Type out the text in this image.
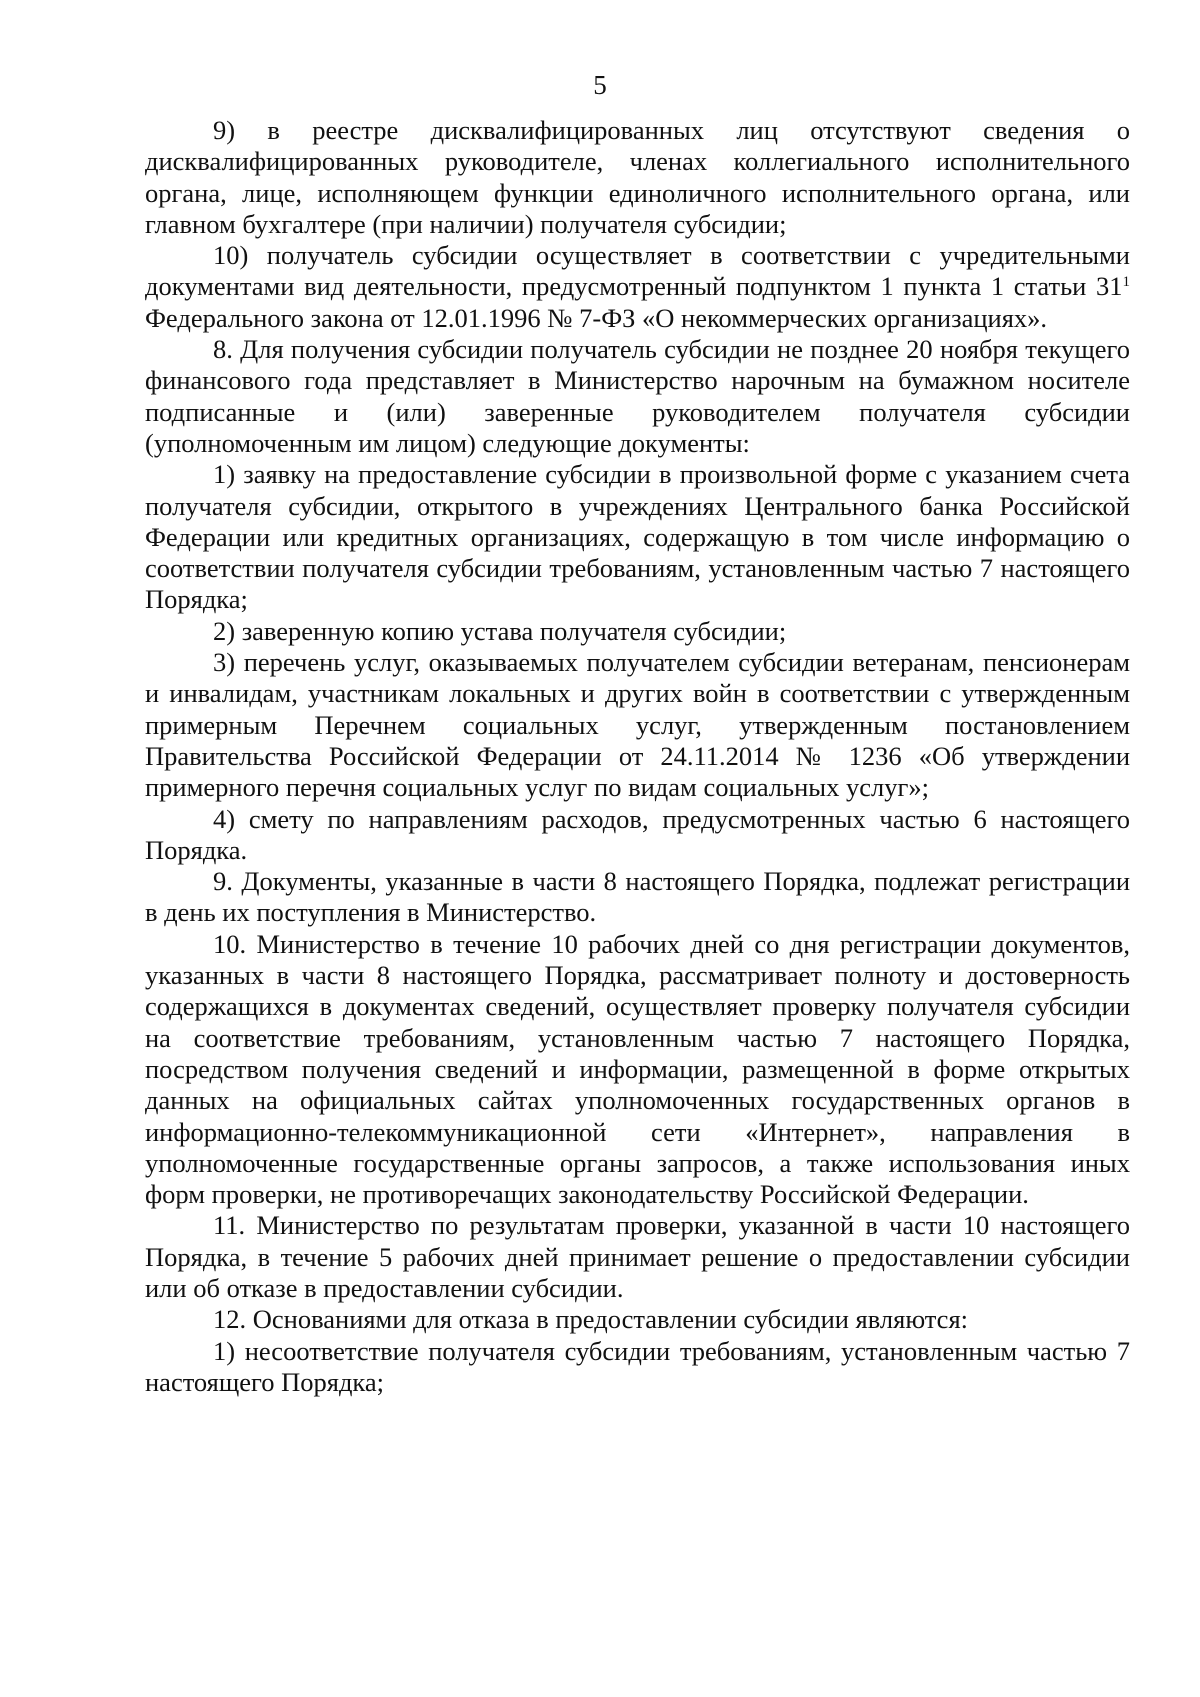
5

9) в реестре дисквалифицированных лиц отсутствуют сведения о дисквалифицированных руководителе, членах коллегиального исполнительного органа, лице, исполняющем функции единоличного исполнительного органа, или главном бухгалтере (при наличии) получателя субсидии;

10) получатель субсидии осуществляет в соответствии с учредительными документами вид деятельности, предусмотренный подпунктом 1 пункта 1 статьи $31^1$ Федерального закона от 12.01.1996 № 7-ФЗ «О некоммерческих организациях».

8. Для получения субсидии получатель субсидии не позднее 20 ноября текущего финансового года представляет в Министерство нарочным на бумажном носителе подписанные и (или) заверенные руководителем получателя субсидии (уполномоченным им лицом) следующие документы:

1) заявку на предоставление субсидии в произвольной форме с указанием счета получателя субсидии, открытого в учреждениях Центрального банка Российской Федерации или кредитных организациях, содержащую в том числе информацию о соответствии получателя субсидии требованиям, установленным частью 7 настоящего Порядка;

2) заверенную копию устава получателя субсидии;

3) перечень услуг, оказываемых получателем субсидии ветеранам, пенсионерам и инвалидам, участникам локальных и других войн в соответствии с утвержденным примерным Перечнем социальных услуг, утвержденным постановлением Правительства Российской Федерации от 24.11.2014 № 1236 «Об утверждении примерного перечня социальных услуг по видам социальных услуг»;

4) смету по направлениям расходов, предусмотренных частью 6 настоящего Порядка.

9. Документы, указанные в части 8 настоящего Порядка, подлежат регистрации в день их поступления в Министерство.

10. Министерство в течение 10 рабочих дней со дня регистрации документов, указанных в части 8 настоящего Порядка, рассматривает полноту и достоверность содержащихся в документах сведений, осуществляет проверку получателя субсидии на соответствие требованиям, установленным частью 7 настоящего Порядка, посредством получения сведений и информации, размещенной в форме открытых данных на официальных сайтах уполномоченных государственных органов в информационно-телекоммуникационной сети «Интернет», направления в уполномоченные государственные органы запросов, а также использования иных форм проверки, не противоречащих законодательству Российской Федерации.

11. Министерство по результатам проверки, указанной в части 10 настоящего Порядка, в течение 5 рабочих дней принимает решение о предоставлении субсидии или об отказе в предоставлении субсидии.

12. Основаниями для отказа в предоставлении субсидии являются:

1) несоответствие получателя субсидии требованиям, установленным частью 7 настоящего Порядка;
